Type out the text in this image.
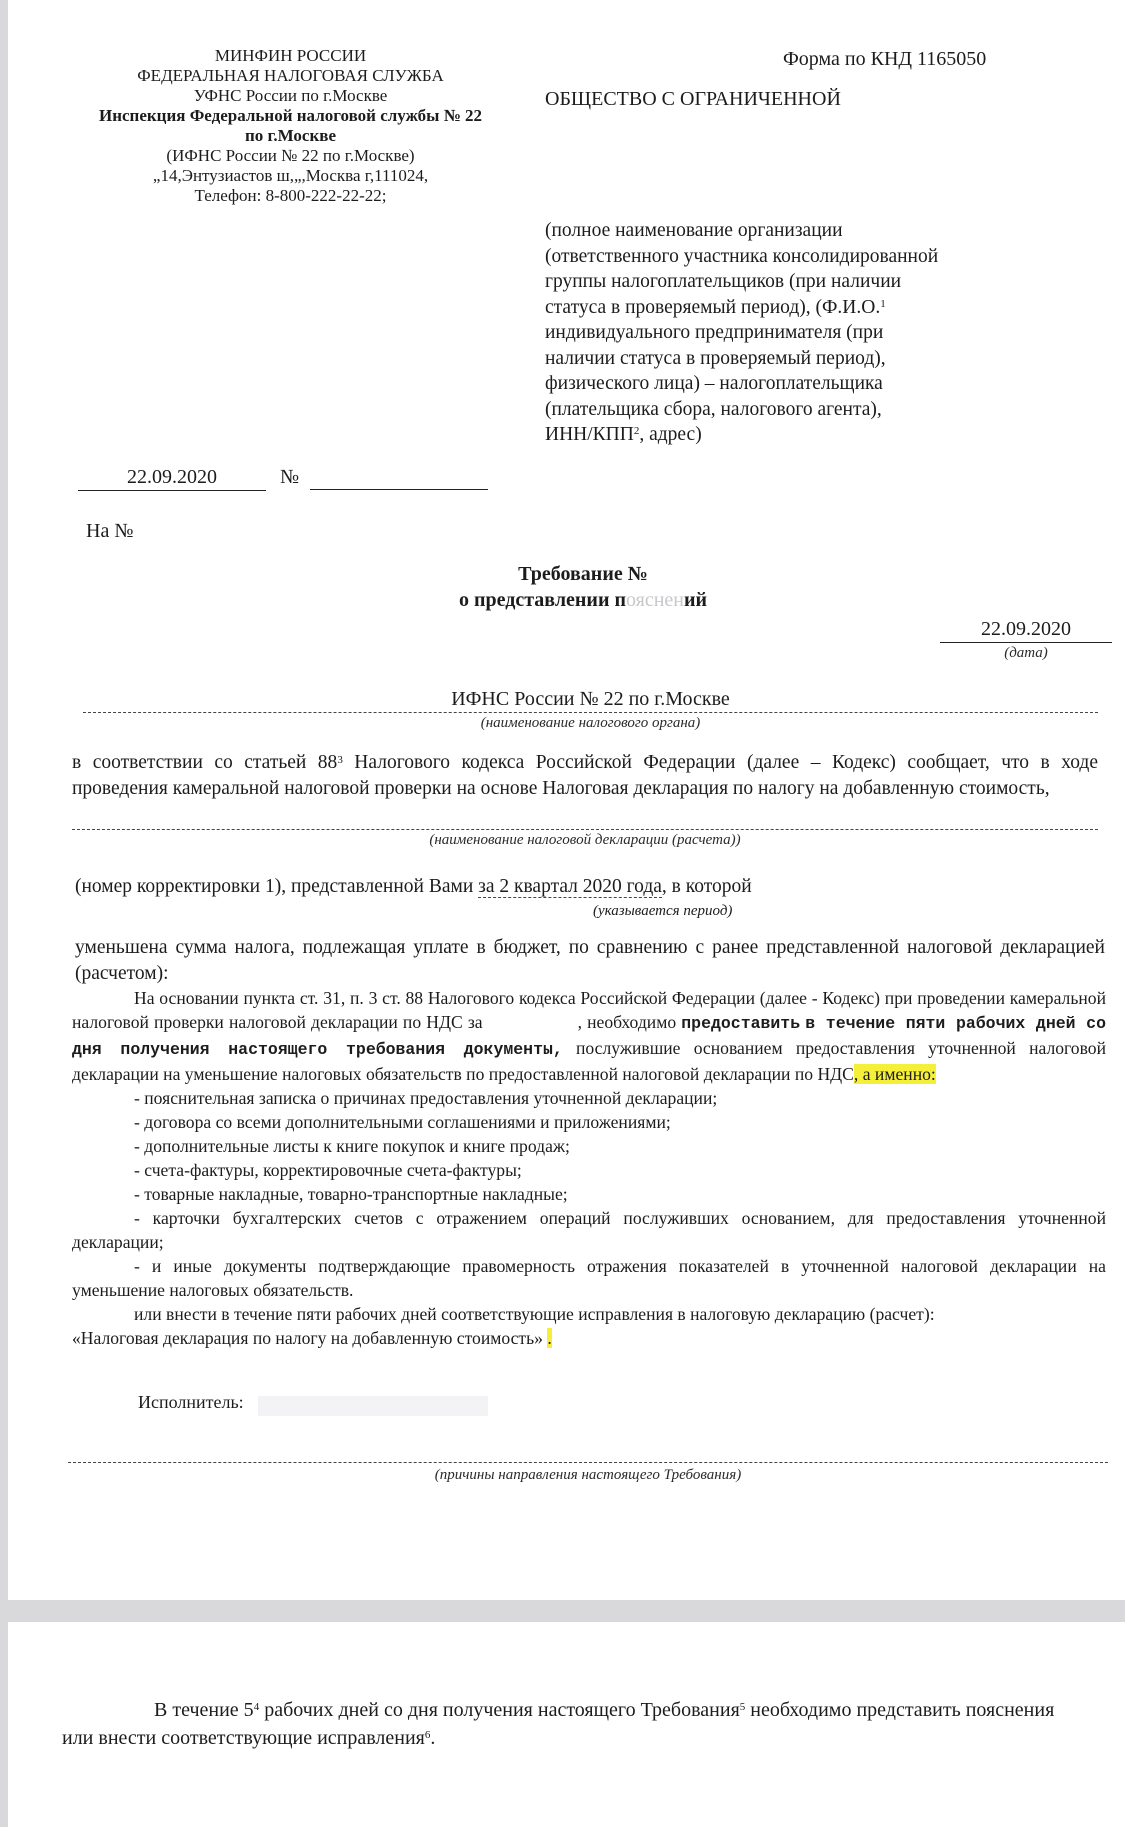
МИНФИН РОССИИ
ФЕДЕРАЛЬНАЯ НАЛОГОВАЯ СЛУЖБА
УФНС России по г.Москве
Инспекция Федеральной налоговой службы № 22
по г.Москве
(ИФНС России № 22 по г.Москве)
„14,Энтузиастов ш,„,Москва г,111024,
Телефон: 8-800-222-22-22;
Форма по КНД 1165050
ОБЩЕСТВО С ОГРАНИЧЕННОЙ
(полное наименование организации
(ответственного участника консолидированной
группы налогоплательщиков (при наличии
статуса в проверяемый период), (Ф.И.О.$^1$
индивидуального предпринимателя (при
наличии статуса в проверяемый период),
физического лица) – налогоплательщика
(плательщика сбора, налогового агента),
ИНН/КПП$^2$, адрес)
22.09.2020	№
На №
Требование №
о представлении пояснений
22.09.2020
(дата)
ИФНС России № 22 по г.Москве
(наименование налогового органа)
в соответствии со статьей $88^3$ Налогового кодекса Российской Федерации (далее – Кодекс) сообщает, что в ходе проведения камеральной налоговой проверки на основе Налоговая декларация по налогу на добавленную стоимость,
(наименование налоговой декларации (расчета))
(номер корректировки 1), представленной Вами за 2 квартал 2020 года, в которой
(указывается период)
уменьшена сумма налога, подлежащая уплате в бюджет, по сравнению с ранее представленной налоговой декларацией (расчетом):

На основании пункта ст. 31, п. 3 ст. 88 Налогового кодекса Российской Федерации (далее - Кодекс) при проведении камеральной налоговой проверки налоговой декларации по НДС за	, необходимо предоставить в течение пяти рабочих дней со дня получения настоящего требования документы, послужившие основанием предоставления уточненной налоговой декларации на уменьшение налоговых обязательств по предоставленной налоговой декларации по НДС, а именно:

- пояснительная записка о причинах предоставления уточненной декларации;

- договора со всеми дополнительными соглашениями и приложениями;

- дополнительные листы к книге покупок и книге продаж;

- счета-фактуры, корректировочные счета-фактуры;

- товарные накладные, товарно-транспортные накладные;

- карточки бухгалтерских счетов с отражением операций послуживших основанием, для предоставления уточненной декларации;

- и иные документы подтверждающие правомерность отражения показателей в уточненной налоговой декларации на уменьшение налоговых обязательств.

или внести в течение пяти рабочих дней соответствующие исправления в налоговую декларацию (расчет):

«Налоговая декларация по налогу на добавленную стоимость» .

Исполнитель:
(причины направления настоящего Требования)

В течение $5^4$ рабочих дней со дня получения настоящего Требования$^5$ необходимо представить пояснения или внести соответствующие исправления$^6$.
